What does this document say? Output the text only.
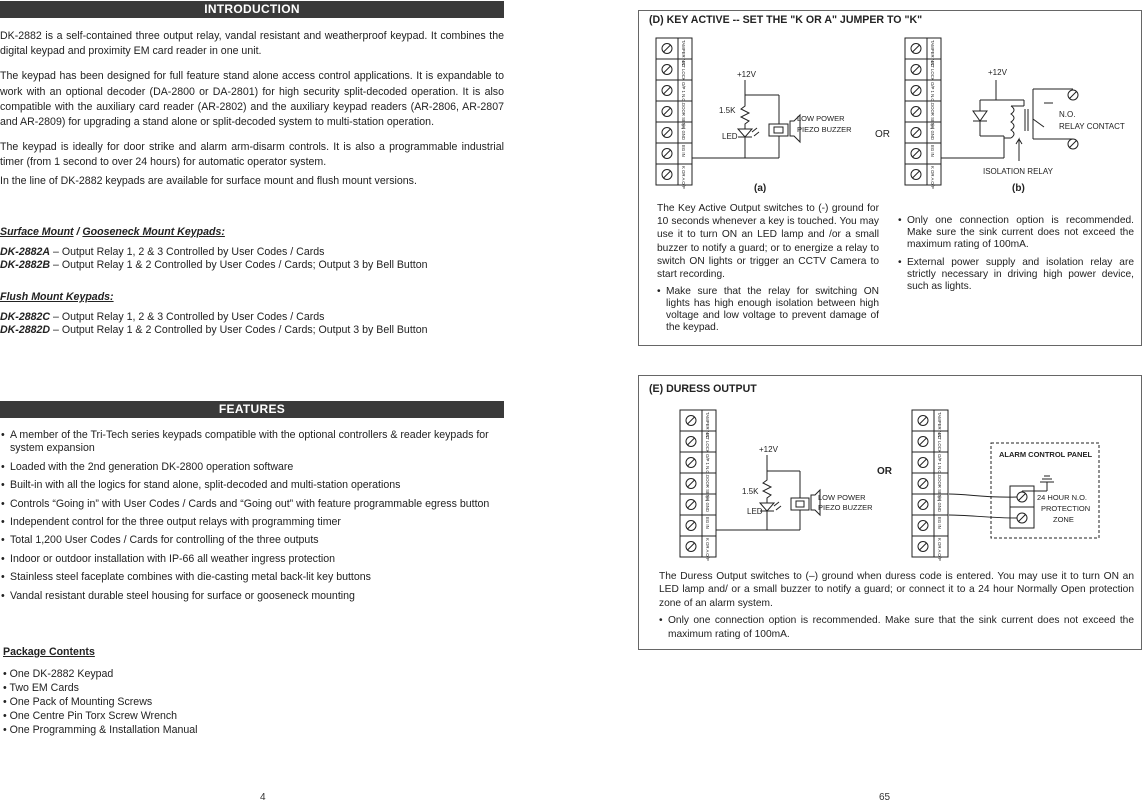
INTRODUCTION

DK-2882 is a self-contained three output relay, vandal resistant and weatherproof keypad. It combines the digital keypad and proximity EM card reader in one unit.

The keypad has been designed for full feature stand alone access control applications. It is expandable to work with an optional decoder (DA-2800 or DA-2801) for high security split-decoded operation. It is also compatible with the auxiliary card reader (AR-2802) and the auxiliary keypad readers (AR-2806, AR-2807 and AR-2809) for upgrading a stand alone or split-decoded system to multi-station operation.

The keypad is ideally for door strike and alarm arm-disarm controls. It is also a programmable industrial timer (from 1 second to over 24 hours) for automatic operator system.

In the line of DK-2882 keypads are available for surface mount and flush mount versions.

Surface Mount / Gooseneck Mount Keypads:
DK-2882A – Output Relay 1, 2 & 3 Controlled by User Codes / Cards
DK-2882B – Output Relay 1 & 2 Controlled by User Codes / Cards; Output 3 by Bell Button
Flush Mount Keypads:
DK-2882C – Output Relay 1, 2 & 3 Controlled by User Codes / Cards
DK-2882D – Output Relay 1 & 2 Controlled by User Codes / Cards; Output 3 by Bell Button
FEATURES
• A member of the Tri-Tech series keypads compatible with the optional controllers & reader keypads for system expansion
• Loaded with the 2nd generation DK-2800 operation software
• Built-in with all the logics for stand alone, split-decoded and multi-station operations
• Controls “Going in” with User Codes / Cards and “Going out” with feature programmable egress button
• Independent control for the three output relays with programming timer
• Total 1,200 User Codes / Cards for controlling of the three outputs
• Indoor or outdoor installation with IP-66 all weather ingress protection
• Stainless steel faceplate combines with die-casting metal back-lit key buttons
• Vandal resistant durable steel housing for surface or gooseneck mounting
Package Contents
• One DK-2882 Keypad
• Two EM Cards
• One Pack of Mounting Screws
• One Centre Pin Torx Screw Wrench
• One Programming & Installation Manual
4	65
(D) KEY ACTIVE -- SET THE "K OR A" JUMPER TO "K"
+12V
1.5K
LED
LOW POWER
PIEZO BUZZER OR
(a)	(b)
+12V
N.O.
RELAY CONTACT
ISOLATION RELAY

The Key Active Output switches to (-) ground for 10 seconds whenever a key is touched. You may use it to turn ON an LED lamp and /or a small buzzer to notify a guard; or to energize a relay to switch ON lights or trigger an CCTV Camera to start recording.

• Make sure that the relay for switching ON lights has high enough isolation between high voltage and low voltage to prevent damage of the keypad.

• Only one connection option is recommended. Make sure the sink current does not exceed the maximum rating of 100mA.

• External power supply and isolation relay are strictly necessary in driving high power device, such as lights.

(E) DURESS OUTPUT
+12V
1.5K
LED
LOW POWER
PIEZO BUZZER
OR
ALARM CONTROL PANEL
24 HOUR N.O.
PROTECTION
ZONE

The Duress Output switches to (–) ground when duress code is entered. You may use it to turn ON an LED lamp and/ or a small buzzer to notify a guard; or connect it to a 24 hour Normally Open protection zone of an alarm system.

• Only one connection option is recommended. Make sure that the sink current does not exceed the maximum rating of 100mA.
